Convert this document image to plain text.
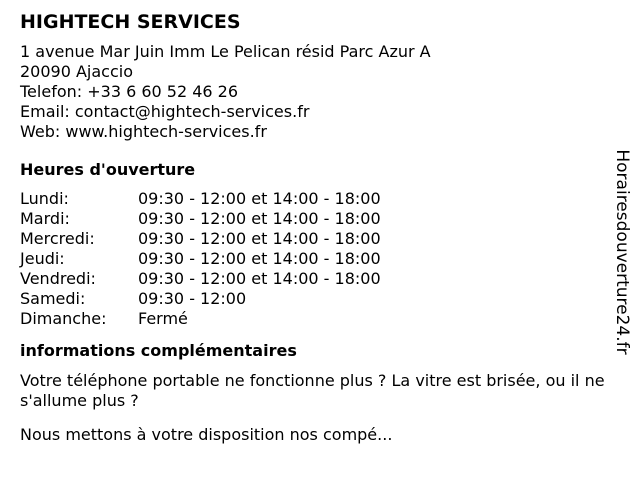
HIGHTECH SERVICES
1 avenue Mar Juin Imm Le Pelican résid Parc Azur A
20090 Ajaccio
Telefon: +33 6 60 52 46 26
Email: contact@hightech-services.fr
Web: www.hightech-services.fr
Heures d'ouverture
Lundi:	09:30 - 12:00 et 14:00 - 18:00
Mardi:	09:30 - 12:00 et 14:00 - 18:00
Mercredi:	09:30 - 12:00 et 14:00 - 18:00
Jeudi:	09:30 - 12:00 et 14:00 - 18:00
Vendredi:	09:30 - 12:00 et 14:00 - 18:00
Samedi:	09:30 - 12:00
Dimanche:	Fermé
informations complémentaires

Votre téléphone portable ne fonctionne plus ? La vitre est brisée, ou il ne s'allume plus ?

Nous mettons à votre disposition nos compé...

Horairesdouverture24.fr
